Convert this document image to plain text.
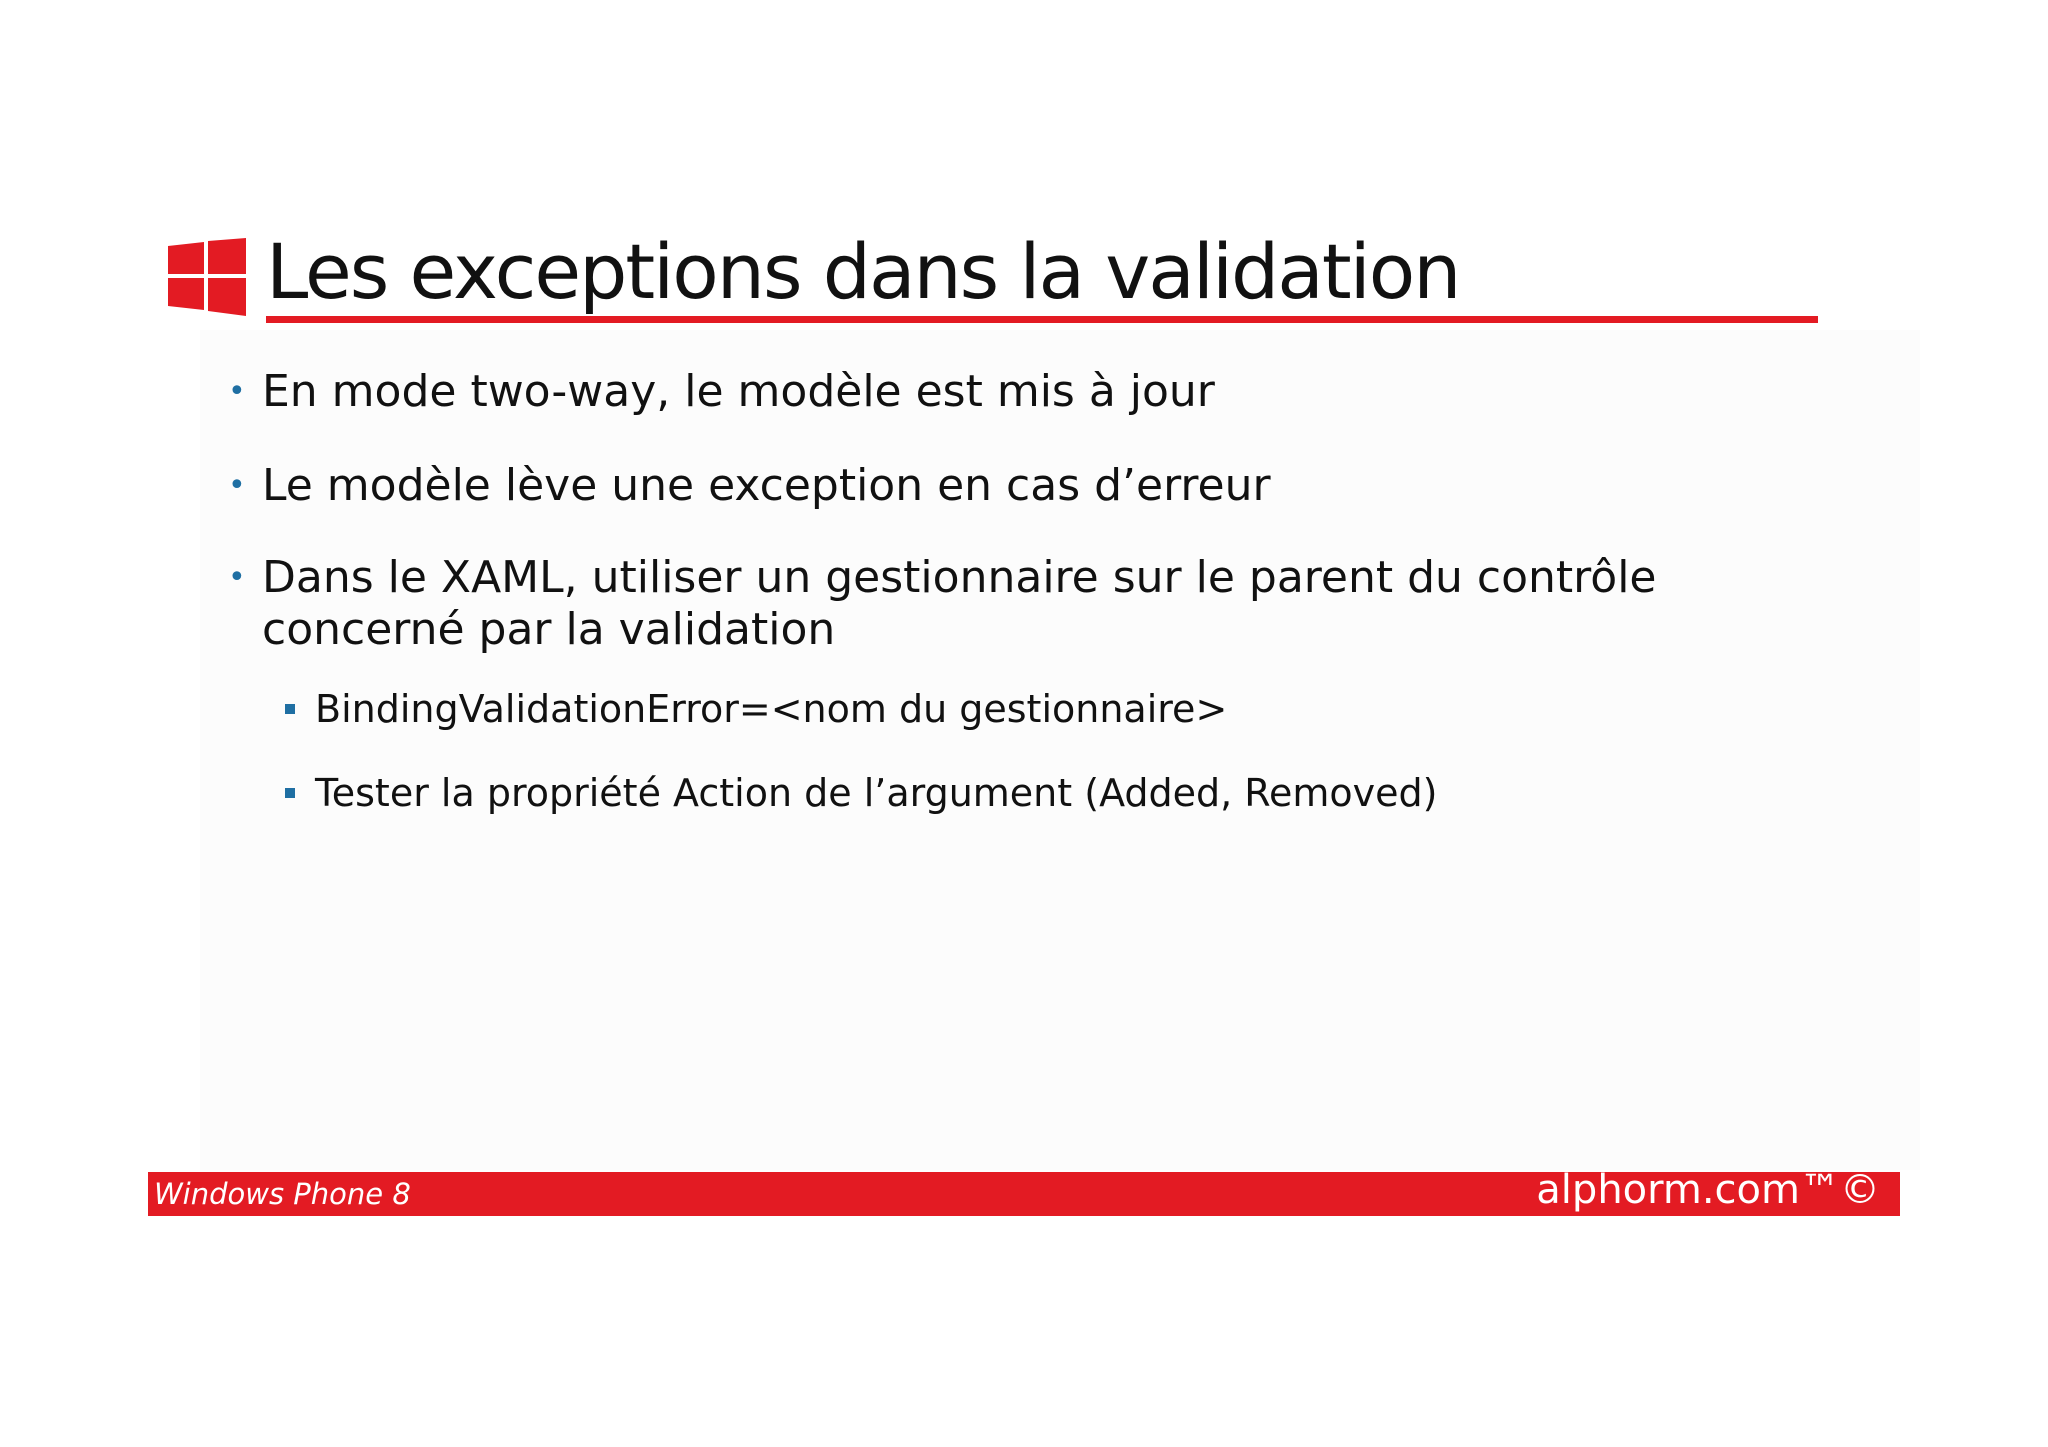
Les exceptions dans la validation
• En mode two-way, le modèle est mis à jour
• Le modèle lève une exception en cas d’erreur
• Dans le XAML, utiliser un gestionnaire sur le parent du contrôle concerné par la validation
BindingValidationError=<nom du gestionnaire>
Tester la propriété Action de l’argument (Added, Removed)
Windows Phone 8	alphorm.com™©
